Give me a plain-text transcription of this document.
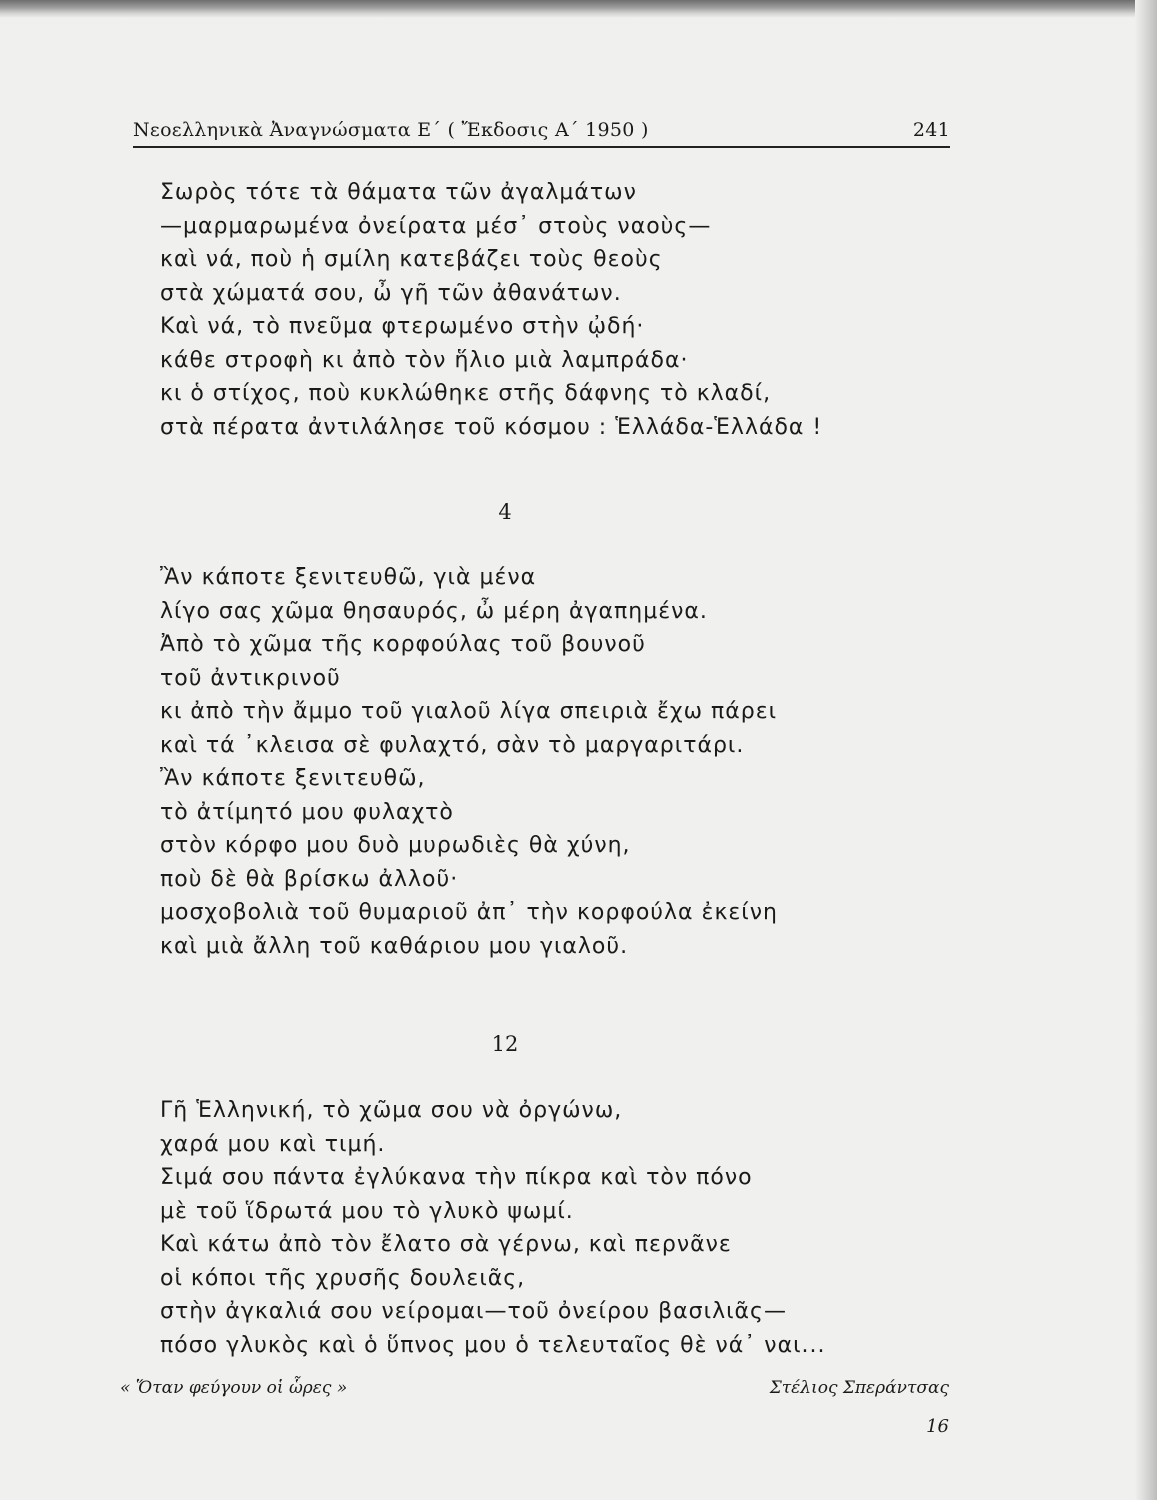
Νεοελληνικὰ Ἀναγνώσματα Ε΄ ( Ἔκδοσις Α΄ 1950 )	241
Σωρὸς τότε τὰ θάματα τῶν ἀγαλμάτων
—μαρμαρωμένα ὀνείρατα μέσ᾿ στοὺς ναοὺς—
καὶ νά, ποὺ ἡ σμίλη κατεβάζει τοὺς θεοὺς
στὰ χώματά σου, ὦ γῆ τῶν ἀθανάτων.
Καὶ νά, τὸ πνεῦμα φτερωμένο στὴν ᾠδή·
κάθε στροφὴ κι ἀπὸ τὸν ἥλιο μιὰ λαμπράδα·
κι ὁ στίχος, ποὺ κυκλώθηκε στῆς δάφνης τὸ κλαδί,
στὰ πέρατα ἀντιλάλησε τοῦ κόσμου : Ἑλλάδα-Ἑλλάδα !
4
Ἂν κάποτε ξενιτευθῶ, γιὰ μένα
λίγο σας χῶμα θησαυρός, ὦ μέρη ἀγαπημένα.
Ἀπὸ τὸ χῶμα τῆς κορφούλας τοῦ βουνοῦ
τοῦ ἀντικρινοῦ
κι ἀπὸ τὴν ἄμμο τοῦ γιαλοῦ λίγα σπειριὰ ἔχω πάρει
καὶ τά ᾿κλεισα σὲ φυλαχτό, σὰν τὸ μαργαριτάρι.
Ἂν κάποτε ξενιτευθῶ,
τὸ ἀτίμητό μου φυλαχτὸ
στὸν κόρφο μου δυὸ μυρωδιὲς θὰ χύνη,
ποὺ δὲ θὰ βρίσκω ἀλλοῦ·
μοσχοβολιὰ τοῦ θυμαριοῦ ἀπ᾿ τὴν κορφούλα ἐκείνη
καὶ μιὰ ἄλλη τοῦ καθάριου μου γιαλοῦ.
12
Γῆ Ἑλληνική, τὸ χῶμα σου νὰ ὀργώνω,
χαρά μου καὶ τιμή.
Σιμά σου πάντα ἐγλύκανα τὴν πίκρα καὶ τὸν πόνο
μὲ τοῦ ἵδρωτά μου τὸ γλυκὸ ψωμί.
Καὶ κάτω ἀπὸ τὸν ἔλατο σὰ γέρνω, καὶ περνᾶνε
οἱ κόποι τῆς χρυσῆς δουλειᾶς,
στὴν ἀγκαλιά σου νείρομαι—τοῦ ὀνείρου βασιλιᾶς—
πόσο γλυκὸς καὶ ὁ ὕπνος μου ὁ τελευταῖος θὲ νά᾿ ναι...
« Ὅταν φεύγουν οἱ ὧρες »	Στέλιος Σπεράντσας
16
